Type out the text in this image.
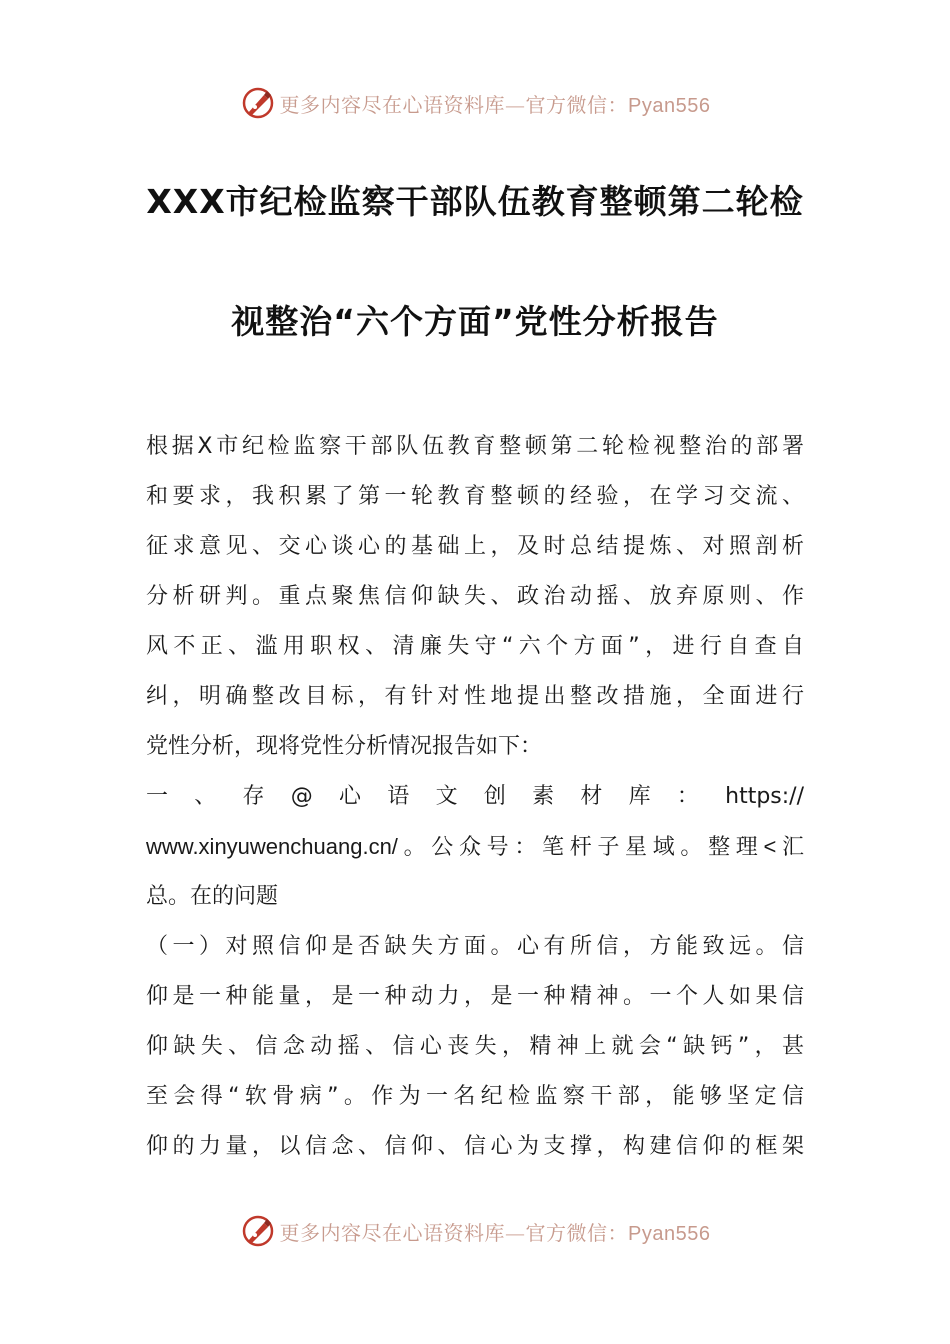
更多内容尽在心语资料库—官方微信：Pyan556
XXX市纪检监察干部队伍教育整顿第二轮检
视整治“六个方面”党性分析报告
根据X市纪检监察干部队伍教育整顿第二轮检视整治的部署
和要求，我积累了第一轮教育整顿的经验，在学习交流、
征求意见、交心谈心的基础上，及时总结提炼、对照剖析
分析研判。重点聚焦信仰缺失、政治动摇、放弃原则、作
风不正、滥用职权、清廉失守“六个方面”，进行自查自
纠，明确整改目标，有针对性地提出整改措施，全面进行
党性分析，现将党性分析情况报告如下：
一、存@心语文创素材库：https://
www.xinyuwenchuang.cn/。公众号：笔杆子星域。整理<汇
总。在的问题
（一）对照信仰是否缺失方面。心有所信，方能致远。信
仰是一种能量，是一种动力，是一种精神。一个人如果信
仰缺失、信念动摇、信心丧失，精神上就会“缺钙”，甚
至会得“软骨病”。作为一名纪检监察干部，能够坚定信
仰的力量，以信念、信仰、信心为支撑，构建信仰的框架
更多内容尽在心语资料库—官方微信：Pyan556
